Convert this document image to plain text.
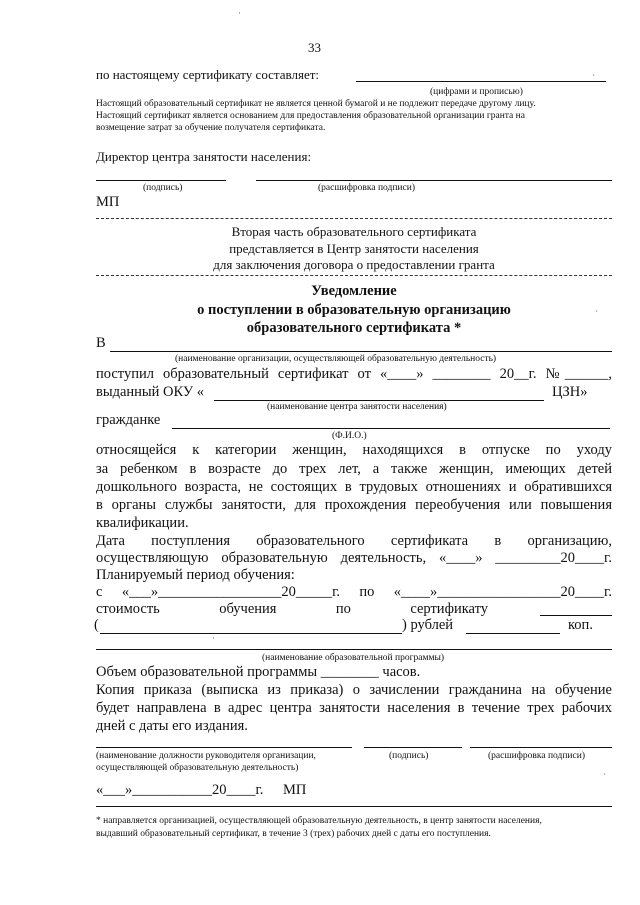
33
по настоящему сертификату составляет:
(цифрами и прописью)
Настоящий образовательный сертификат не является ценной бумагой и не подлежит передаче другому лицу.
Настоящий сертификат является основанием для предоставления образовательной организации гранта на
возмещение затрат за обучение получателя сертификата.
Директор центра занятости населения:
(подпись)	(расшифровка подписи)
МП
Вторая часть образовательного сертификата
представляется в Центр занятости населения
для заключения договора о предоставлении гранта
Уведомление
о поступлении в образовательную организацию
образовательного сертификата *
В
(наименование организации, осуществляющей образовательную деятельность)
поступил образовательный сертификат от «____» ________ 20__г. №______,
выданный ОКУ «	ЦЗН»
(наименование центра занятости населения)
гражданке
(Ф.И.О.)
относящейся к категории женщин, находящихся в отпуске по уходу
за ребенком в возрасте до трех лет, а также женщин, имеющих детей
дошкольного возраста, не состоящих в трудовых отношениях и обратившихся
в органы службы занятости, для прохождения переобучения или повышения
квалификации.
Дата поступления образовательного сертификата в организацию,
осуществляющую образовательную деятельность, «____» _________20____г.
Планируемый период обучения:
с «___»_________________20_____г. по «____»_________________20____г.
стоимость обучения по сертификату
(	) рублей	коп.
(наименование образовательной программы)
Объем образовательной программы ________ часов.
Копия приказа (выписка из приказа) о зачислении гражданина на обучение
будет направлена в адрес центра занятости населения в течение трех рабочих
дней с даты его издания.
(наименование должности руководителя организации,
осуществляющей образовательную деятельность)
(подпись)	(расшифровка подписи)
«___»___________20____г. МП
* направляется организацией, осуществляющей образовательную деятельность, в центр занятости населения,
выдавший образовательный сертификат, в течение 3 (трех) рабочих дней с даты его поступления.
·
`
`
`
·
